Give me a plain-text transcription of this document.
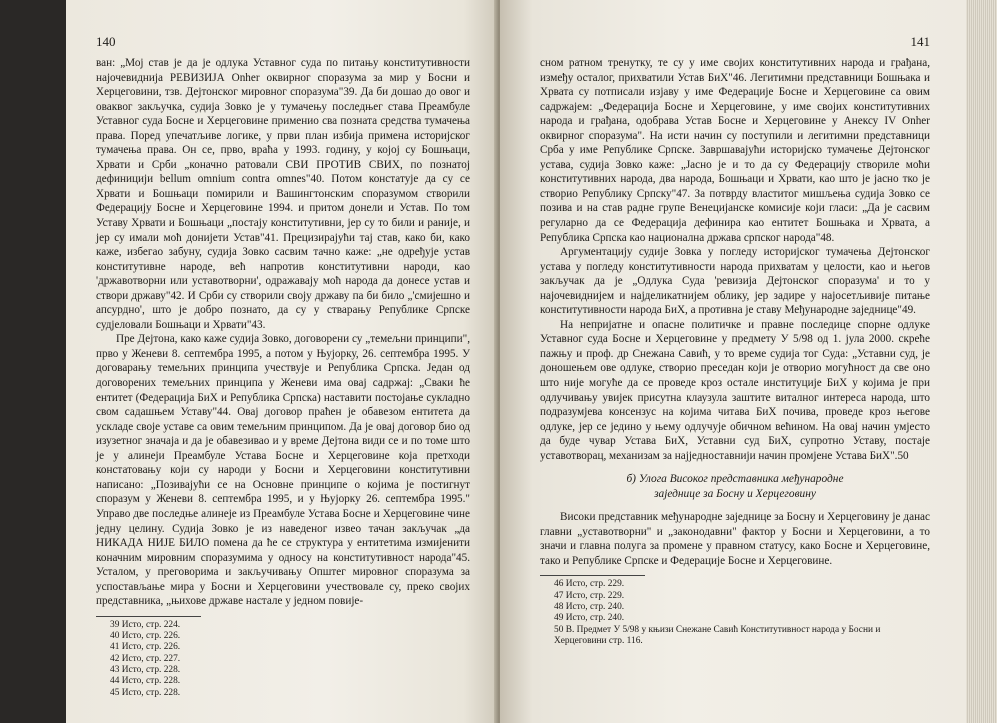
140

ван: „Мој став је да је одлука Уставног суда по питању конститутивности најочевиднија РЕВИЗИЈА Onher оквирног споразума за мир у Босни и Херцеговини, тзв. Дејтонског мировног споразума"39. Да би дошао до овог и оваквог закључка, судија Зовко је у тумачењу последњег става Преамбуле Уставног суда Босне и Херцеговине применио сва позната средства тумачења права. Поред упечатљиве логике, у први план избија примена историјског тумачења права. Он се, прво, враћа у 1993. годину, у којој су Бошњаци, Хрвати и Срби „коначно ратовали СВИ ПРОТИВ СВИХ, по познатој дефиницији bellum omnium contra omnes"40. Потом констатује да су се Хрвати и Бошњаци помирили и Вашингтонским споразумом створили Федерацију Босне и Херцеговине 1994. и притом донели и Устав. По том Уставу Хрвати и Бошњаци „постају конститутивни, јер су то били и раније, и јер су имали моћ донијети Устав"41. Прецизирајући тај став, како би, како каже, избегао забуну, судија Зовко сасвим тачно каже: „не одређује устав конститутивне народе, већ напротив конститутивни народи, као 'државотворни или уставотворни', одражавају моћ народа да донесе устав и створи државу"42. И Срби су створили своју државу па би било „'смијешно и апсурдно', што је добро познато, да су у стварању Републике Српске судјеловали Бошњаци и Хрвати"43.

Пре Дејтона, како каже судија Зовко, договорени су „темељни принципи", прво у Женеви 8. септембра 1995, а потом у Њујорку, 26. септембра 1995. У договарању темељних принципа учествује и Република Српска. Један од договорених темељних принципа у Женеви има овај садржај: „Сваки ће ентитет (Федерација БиХ и Република Српска) наставити постојање сукладно свом садашњем Уставу"44. Овај договор праћен је обавезом ентитета да ускладе своје уставе са овим темељним принципом. Да је овај договор био од изузетног значаја и да је обавезивао и у време Дејтона види се и по томе што је у алинеји Преамбуле Устава Босне и Херцеговине која претходи констатовању који су народи у Босни и Херцеговини конститутивни написано: „Позивајући се на Основне принципе о којима је постигнут споразум у Женеви 8. септембра 1995, и у Њујорку 26. септембра 1995." Управо две последње алинеје из Преамбуле Устава Босне и Херцеговине чине једну целину. Судија Зовко је из наведеног извео тачан закључак „да НИКАДА НИЈЕ БИЛО помена да ће се структура у ентитетима измијенити коначним мировним споразумима у односу на конститутивност народа"45. Усталом, у преговорима и закључивању Општег мировног споразума за успостављање мира у Босни и Херцеговини учествовале су, преко својих представника, „њихове државе настале у једном повије-

39 Исто, стр. 224.
40 Исто, стр. 226.
41 Исто, стр. 226.
42 Исто, стр. 227.
43 Исто, стр. 228.
44 Исто, стр. 228.
45 Исто, стр. 228.
141

сном ратном тренутку, те су у име својих конститутивних народа и грађана, између осталог, прихватили Устав БиХ"46. Легитимни представници Бошњака и Хрвата су потписали изјаву у име Федерације Босне и Херцеговине са овим садржајем: „Федерација Босне и Херцеговине, у име својих конститутивних народа и грађана, одобрава Устав Босне и Херцеговине у Анексу IV Onher оквирног споразума". На исти начин су поступили и легитимни представници Срба у име Републике Српске. Завршавајући историјско тумачење Дејтонског устава, судија Зовко каже: „Јасно је и то да су Федерацију створиле моћи конститутивних народа, два народа, Бошњаци и Хрвати, као што је јасно тко је створио Републику Српску"47. За потврду властитог мишљења судија Зовко се позива и на став радне групе Венецијанске комисије који гласи: „Да је сасвим регуларно да се Федерација дефинира као ентитет Бошњака и Хрвата, а Република Српска као национална држава српског народа"48.

Аргументацију судије Зовка у погледу историјског тумачења Дејтонског устава у погледу конститутивности народа прихватам у целости, као и његов закључак да је „Одлука Суда 'ревизија Дејтонског споразума' и то у најочевиднијем и најделикатнијем облику, јер задире у најосетљивије питање конститутивности народа БиХ, а противна је ставу Међународне заједнице"49.

На непријатне и опасне политичке и правне последице спорне одлуке Уставног суда Босне и Херцеговине у предмету У 5/98 од 1. јула 2000. скреће пажњу и проф. др Снежана Савић, у то време судија тог Суда: „Уставни суд, је доношењем ове одлуке, створио преседан који је отворио могућност да све оно што није могуће да се проведе кроз остале институције БиХ у којима је при одлучивању увијек присутна клаузула заштите виталног интереса народа, што подразумјева консензус на којима читава БиХ почива, проведе кроз његове одлуке, јер се једино у њему одлучује обичном већином. На овај начин умјесто да буде чувар Устава БиХ, Уставни суд БиХ, супротно Уставу, постаје уставотворац, механизам за најједноставнији начин промјене Устава БиХ".50

б) Улога Високог представника међународне
заједнице за Босну и Херцеговину

Високи представник међународне заједнице за Босну и Херцеговину је данас главни „уставотворни" и „законодавни" фактор у Босни и Херцеговини, а то значи и главна полуга за промене у правном статусу, како Босне и Херцеговине, тако и Републике Српске и Федерације Босне и Херцеговине.

46 Исто, стр. 229.
47 Исто, стр. 229.
48 Исто, стр. 240.
49 Исто, стр. 240.
50 В. Предмет У 5/98 у књизи Снежане Савић Конститутивност народа у Босни и Херцеговини стр. 116.
